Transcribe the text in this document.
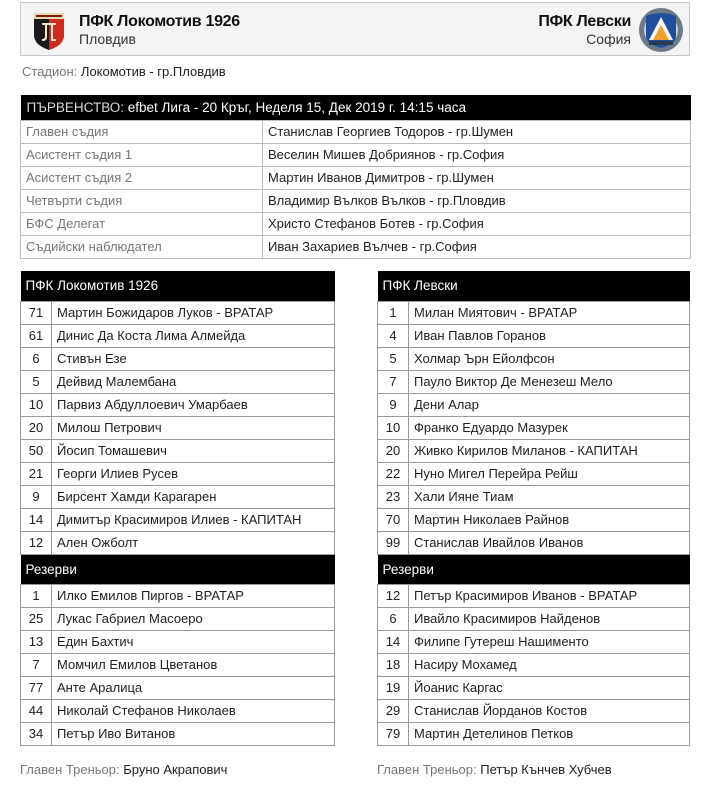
ПФК Локомотив 1926
Пловдив
ПФК Левски
София
Стадион: Локомотив - гр.Пловдив
ПЪРВЕНСТВО: efbet Лига - 20 Кръг, Неделя 15, Дек 2019 г. 14:15 часа	
Главен съдия	Станислав Георгиев Тодоров - гр.Шумен
Асистент съдия 1	Веселин Мишев Добриянов - гр.София
Асистент съдия 2	Мартин Иванов Димитров - гр.Шумен
Четвърти съдия	Владимир Вълков Вълков - гр.Пловдив
БФС Делегат	Христо Стефанов Ботев - гр.София
Съдийски наблюдател	Иван Захариев Вълчев - гр.София
ПФК Локомотив 1926	
71	Мартин Божидаров Луков - ВРАТАР
61	Динис Да Коста Лима Алмейда
6	Стивън Езе
5	Дейвид Малембана
10	Парвиз Абдуллоевич Умарбаев
20	Милош Петрович
50	Йосип Томашевич
21	Георги Илиев Русев
9	Бирсент Хамди Карагарен
14	Димитър Красимиров Илиев - КАПИТАН
12	Ален Ожболт
Резерви	
1	Илко Емилов Пиргов - ВРАТАР
25	Лукас Габриел Масоеро
13	Един Бахтич
7	Момчил Емилов Цветанов
77	Анте Аралица
44	Николай Стефанов Николаев
34	Петър Иво Витанов
ПФК Левски	
1	Милан Миятович - ВРАТАР
4	Иван Павлов Горанов
5	Холмар Ърн Ейолфсон
7	Пауло Виктор Де Менезеш Мело
9	Дени Алар
10	Франко Едуардо Мазурек
20	Живко Кирилов Миланов - КАПИТАН
22	Нуно Мигел Перейра Рейш
23	Хали Ияне Тиам
70	Мартин Николаев Райнов
99	Станислав Ивайлов Иванов
Резерви	
12	Петър Красимиров Иванов - ВРАТАР
6	Ивайло Красимиров Найденов
14	Филипе Гутереш Нашименто
18	Насиру Мохамед
19	Йоанис Каргас
29	Станислав Йорданов Костов
79	Мартин Детелинов Петков
Главен Треньор: Бруно Акрапович	Главен Треньор: Петър Кънчев Хубчев
